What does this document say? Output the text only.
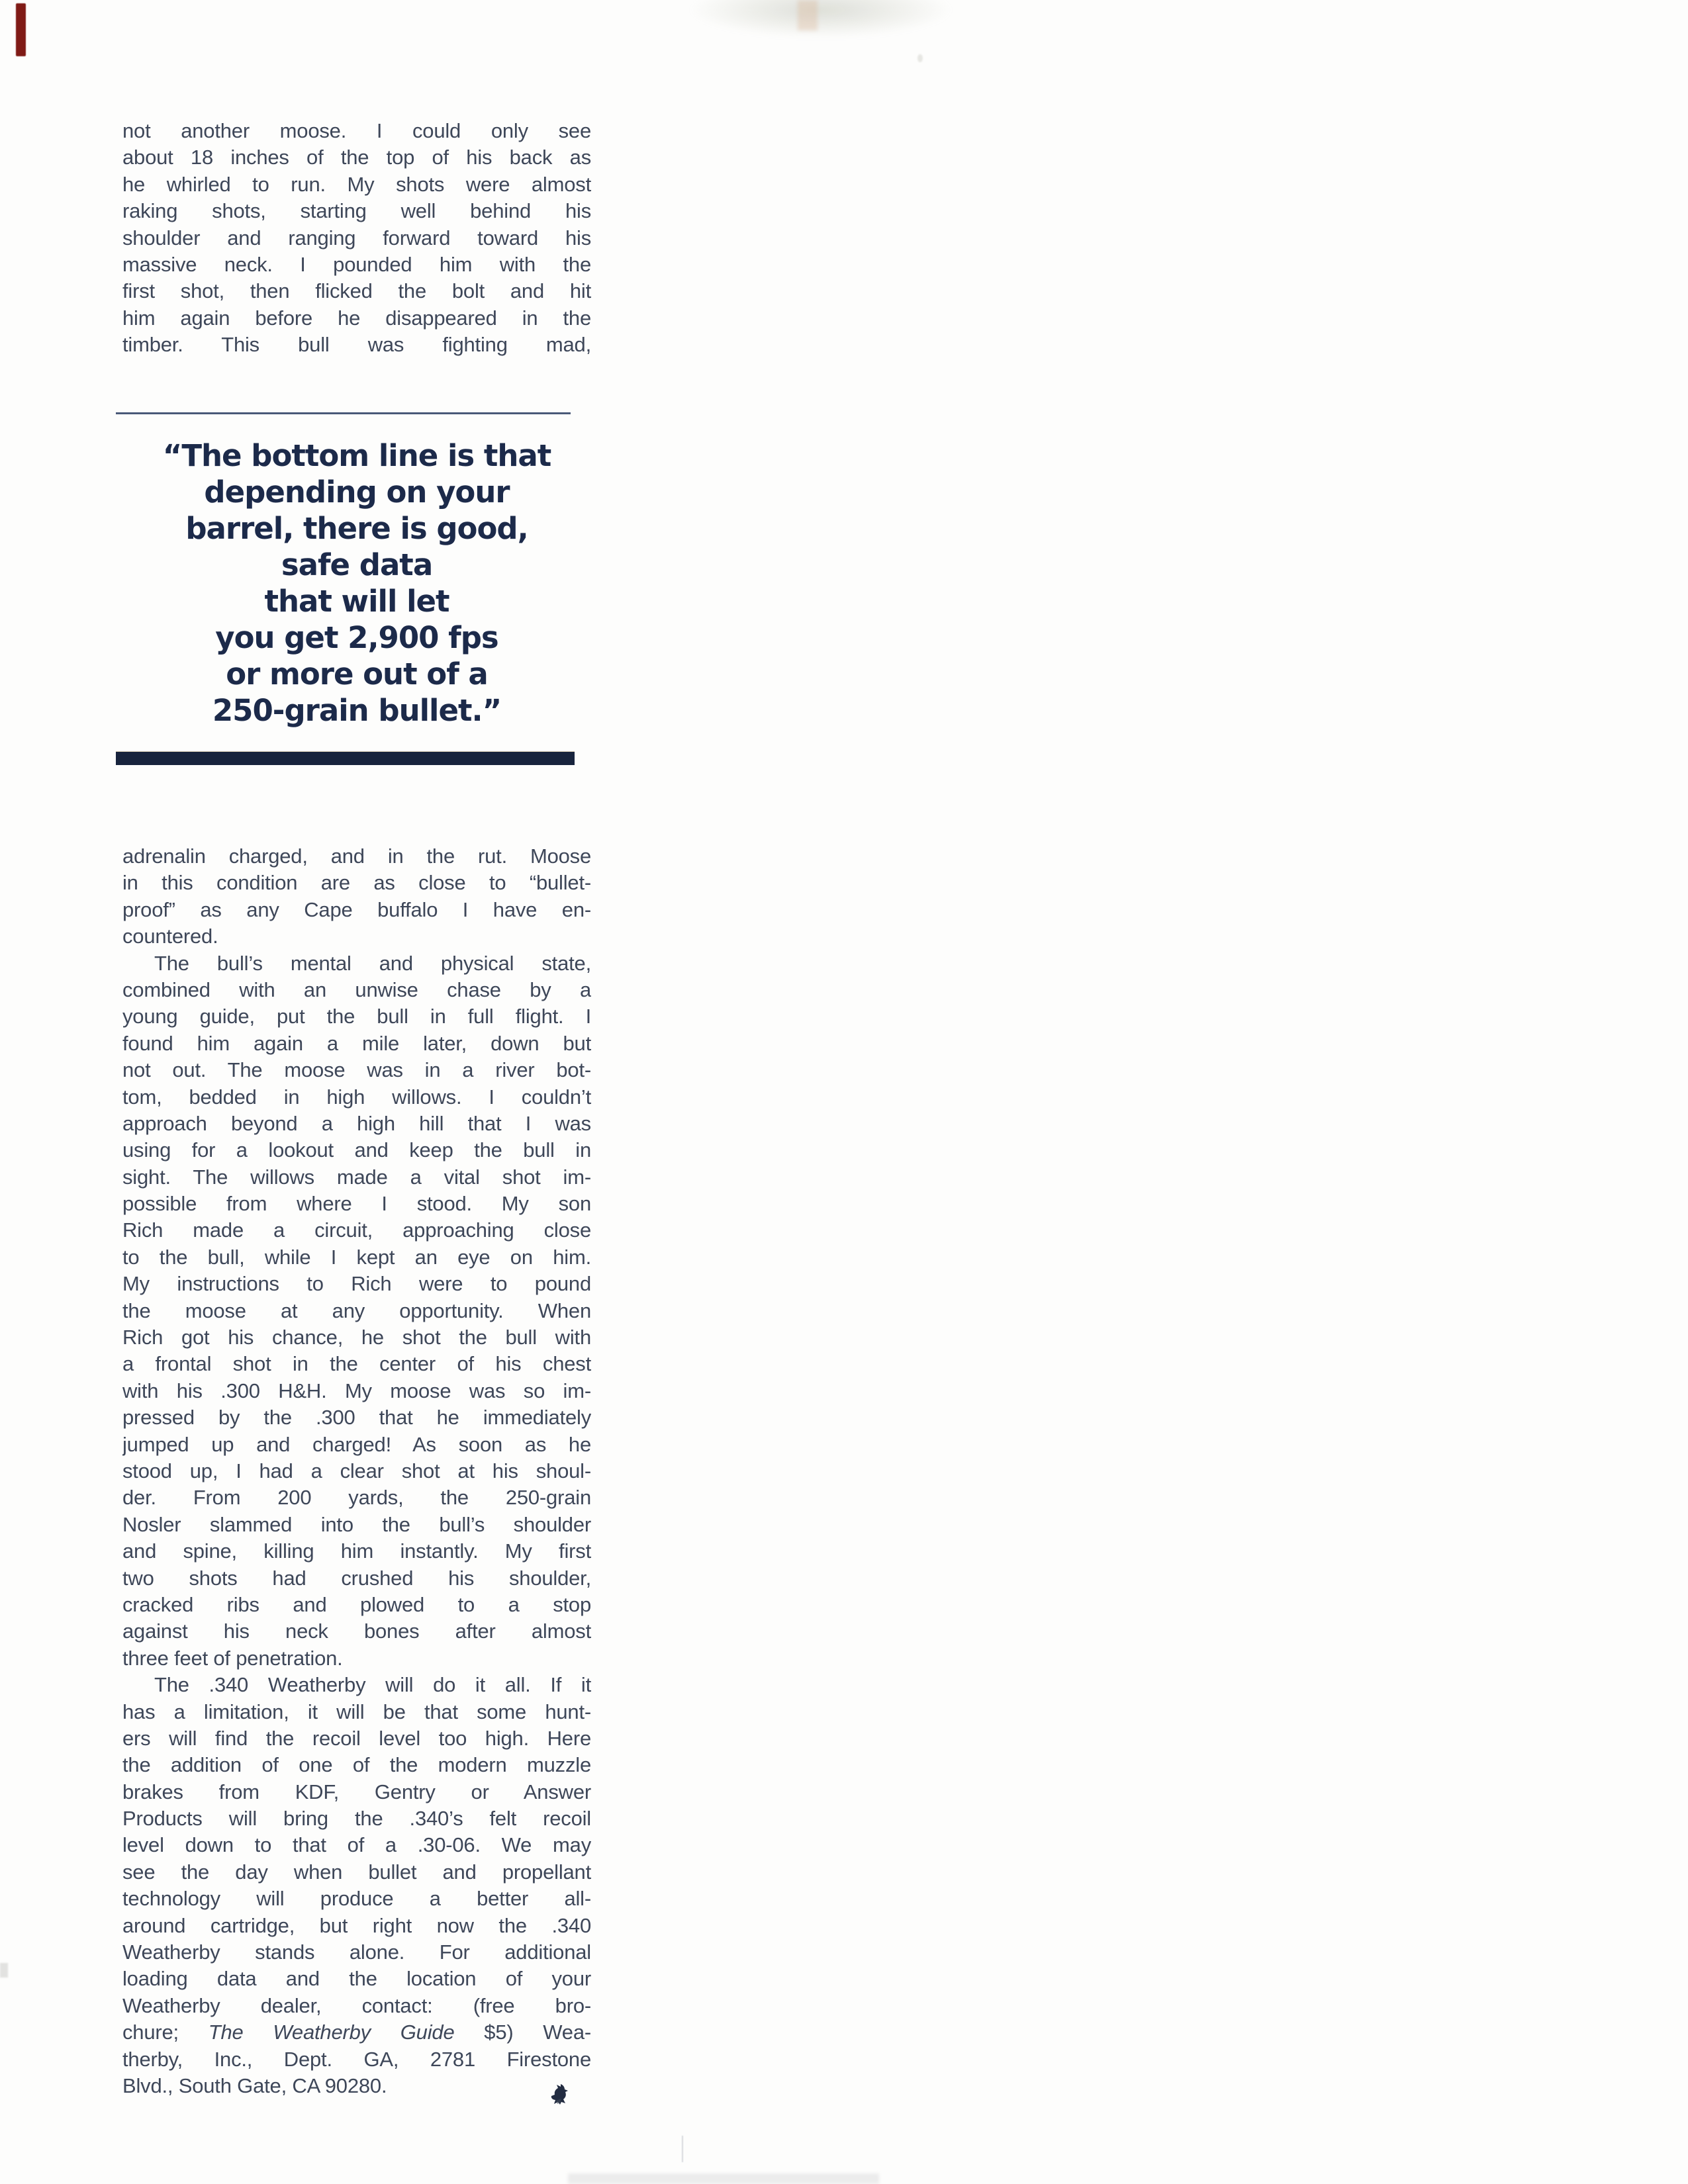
not another moose. I could only see
about 18 inches of the top of his back as
he whirled to run. My shots were almost
raking shots, starting well behind his
shoulder and ranging forward toward his
massive neck. I pounded him with the
first shot, then flicked the bolt and hit
him again before he disappeared in the
timber. This bull was fighting mad,
“The bottom line is that
depending on your
barrel, there is good,
safe data
that will let
you get 2,900 fps
or more out of a
250-grain bullet.”
adrenalin charged, and in the rut. Moose
in this condition are as close to “bullet-
proof” as any Cape buffalo I have en-
countered.
The bull’s mental and physical state,
combined with an unwise chase by a
young guide, put the bull in full flight. I
found him again a mile later, down but
not out. The moose was in a river bot-
tom, bedded in high willows. I couldn’t
approach beyond a high hill that I was
using for a lookout and keep the bull in
sight. The willows made a vital shot im-
possible from where I stood. My son
Rich made a circuit, approaching close
to the bull, while I kept an eye on him.
My instructions to Rich were to pound
the moose at any opportunity. When
Rich got his chance, he shot the bull with
a frontal shot in the center of his chest
with his .300 H&H. My moose was so im-
pressed by the .300 that he immediately
jumped up and charged! As soon as he
stood up, I had a clear shot at his shoul-
der. From 200 yards, the 250-grain
Nosler slammed into the bull’s shoulder
and spine, killing him instantly. My first
two shots had crushed his shoulder,
cracked ribs and plowed to a stop
against his neck bones after almost
three feet of penetration.
The .340 Weatherby will do it all. If it
has a limitation, it will be that some hunt-
ers will find the recoil level too high. Here
the addition of one of the modern muzzle
brakes from KDF, Gentry or Answer
Products will bring the .340’s felt recoil
level down to that of a .30-06. We may
see the day when bullet and propellant
technology will produce a better all-
around cartridge, but right now the .340
Weatherby stands alone. For additional
loading data and the location of your
Weatherby dealer, contact: (free bro-
chure; The Weatherby Guide $5) Wea-
therby, Inc., Dept. GA, 2781 Firestone
Blvd., South Gate, CA 90280.
